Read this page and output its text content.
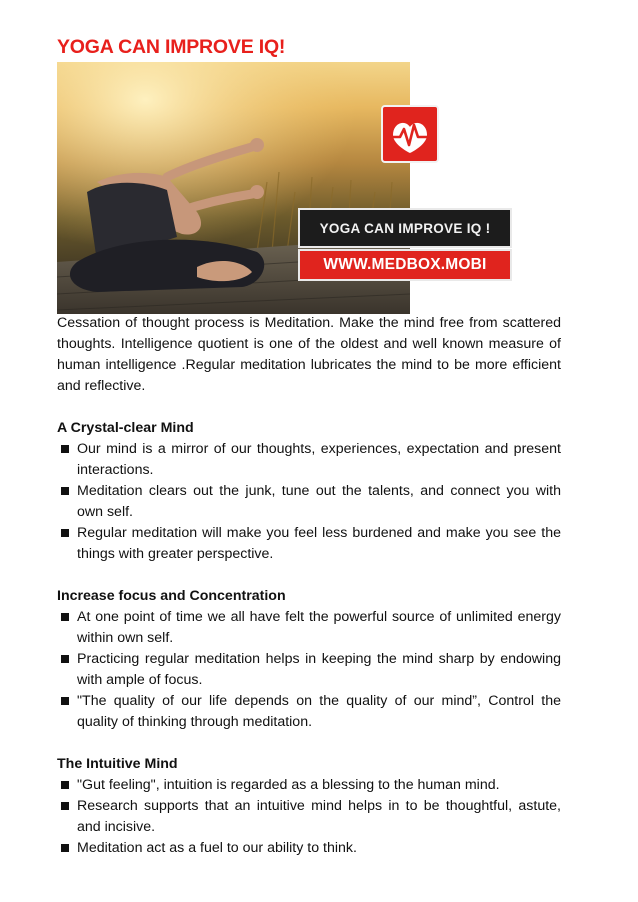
YOGA CAN IMPROVE IQ!
YOGA CAN IMPROVE IQ !
WWW.MEDBOX.MOBI

Cessation of thought process is Meditation. Make the mind free from scattered thoughts. Intelligence quotient is one of the oldest and well known measure of human intelligence .Regular meditation lubricates the mind to be more efficient and reflective.

A Crystal-clear Mind
Our mind is a mirror of our thoughts, experiences, expectation and present interactions.
Meditation clears out the junk, tune out the talents, and connect you with own self.
Regular meditation will make you feel less burdened and make you see the things with greater perspective.
Increase focus and Concentration
At one point of time we all have felt the powerful source of unlimited energy within own self.
Practicing regular meditation helps in keeping the mind sharp by endowing with ample of focus.
"The quality of our life depends on the quality of our mind”, Control the quality of thinking through meditation.
The Intuitive Mind
"Gut feeling", intuition is regarded as a blessing to the human mind.
Research supports that an intuitive mind helps in to be thoughtful, astute, and incisive.
Meditation act as a fuel to our ability to think.
